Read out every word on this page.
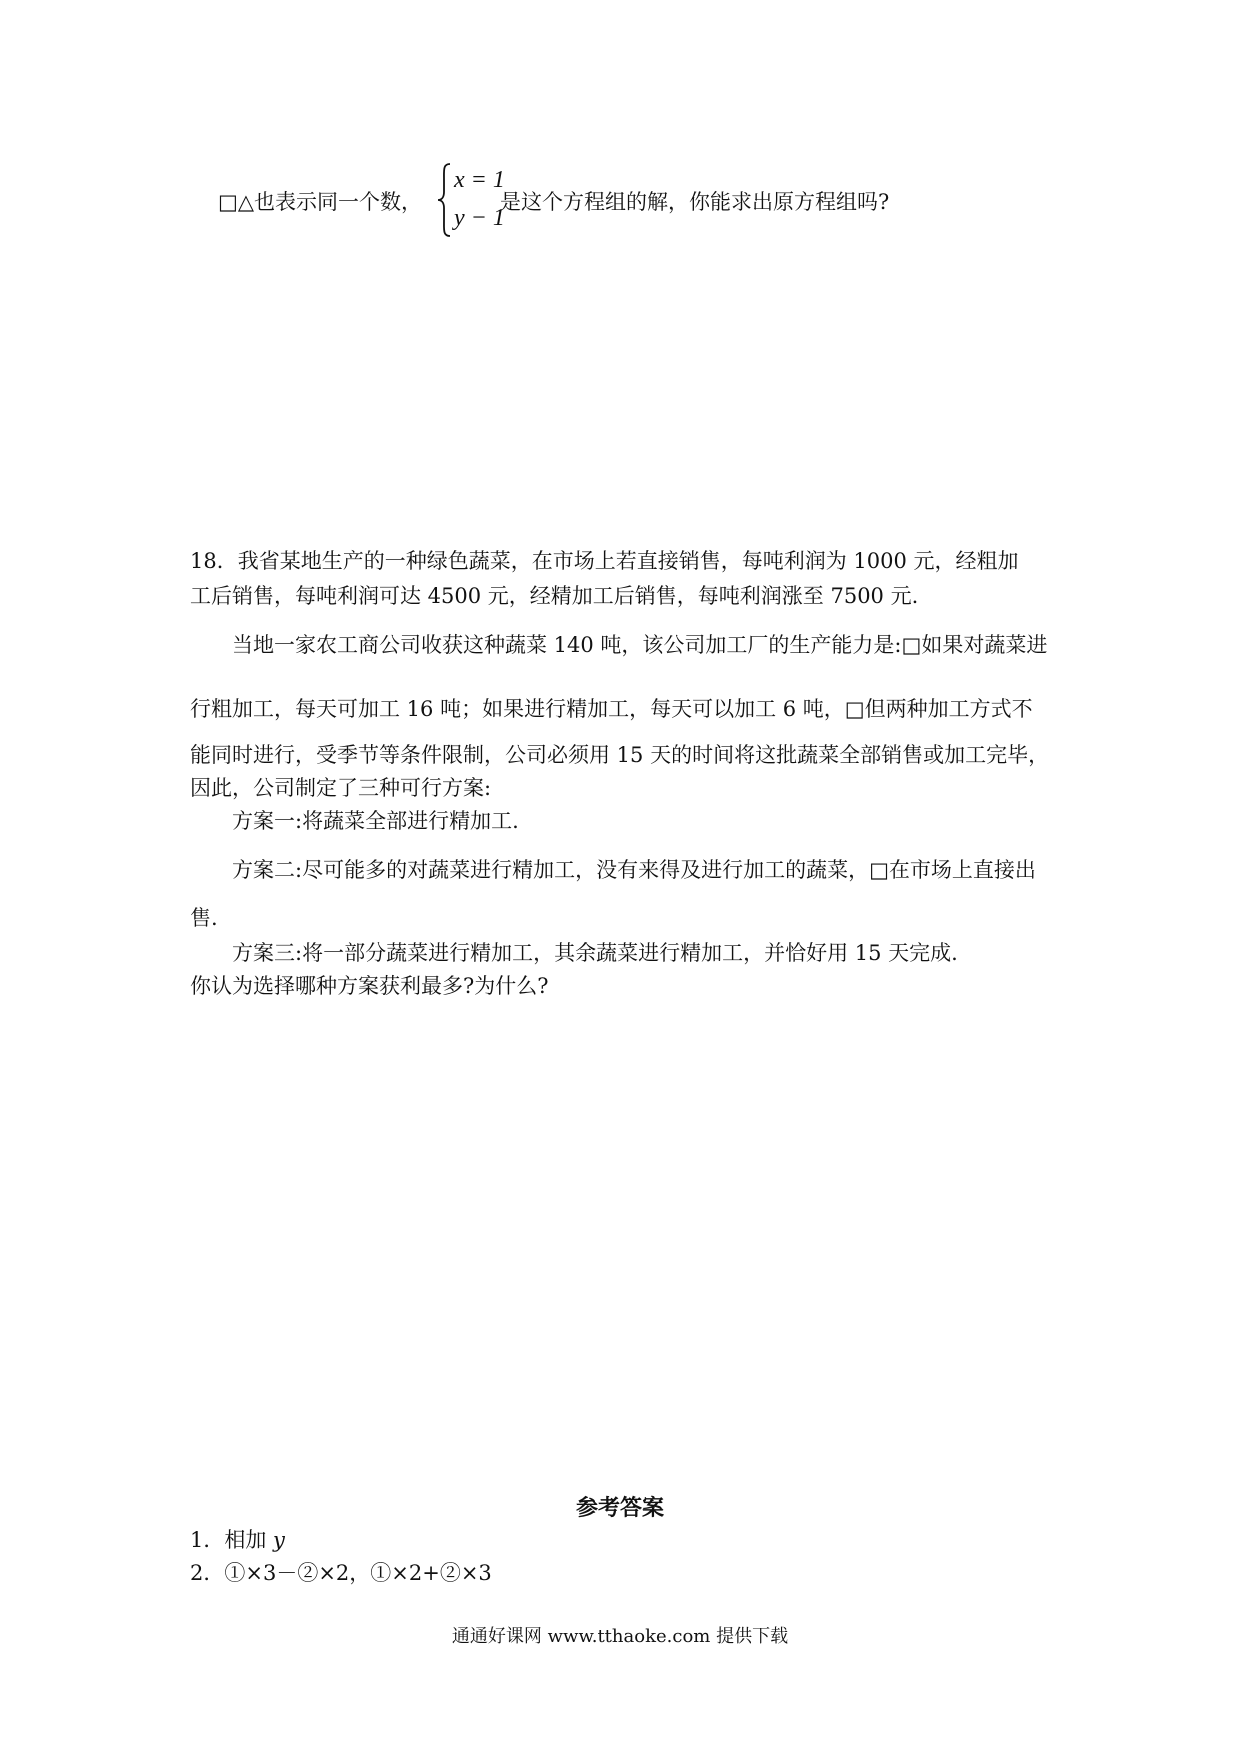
□△也表示同一个数，
x = 1
y − 1
是这个方程组的解，你能求出原方程组吗?
18．我省某地生产的一种绿色蔬菜，在市场上若直接销售，每吨利润为 1000 元，经粗加
工后销售，每吨利润可达 4500 元，经精加工后销售，每吨利润涨至 7500 元.
当地一家农工商公司收获这种蔬菜 140 吨，该公司加工厂的生产能力是:□如果对蔬菜进
行粗加工，每天可加工 16 吨；如果进行精加工，每天可以加工 6 吨，□但两种加工方式不
能同时进行，受季节等条件限制，公司必须用 15 天的时间将这批蔬菜全部销售或加工完毕，
因此，公司制定了三种可行方案:
方案一:将蔬菜全部进行精加工.
方案二:尽可能多的对蔬菜进行精加工，没有来得及进行加工的蔬菜，□在市场上直接出
售.
方案三:将一部分蔬菜进行精加工，其余蔬菜进行精加工，并恰好用 15 天完成.
你认为选择哪种方案获利最多?为什么?
参考答案
1．相加 y
2．①×3－②×2，①×2+②×3
通通好课网 www.tthaoke.com 提供下载
